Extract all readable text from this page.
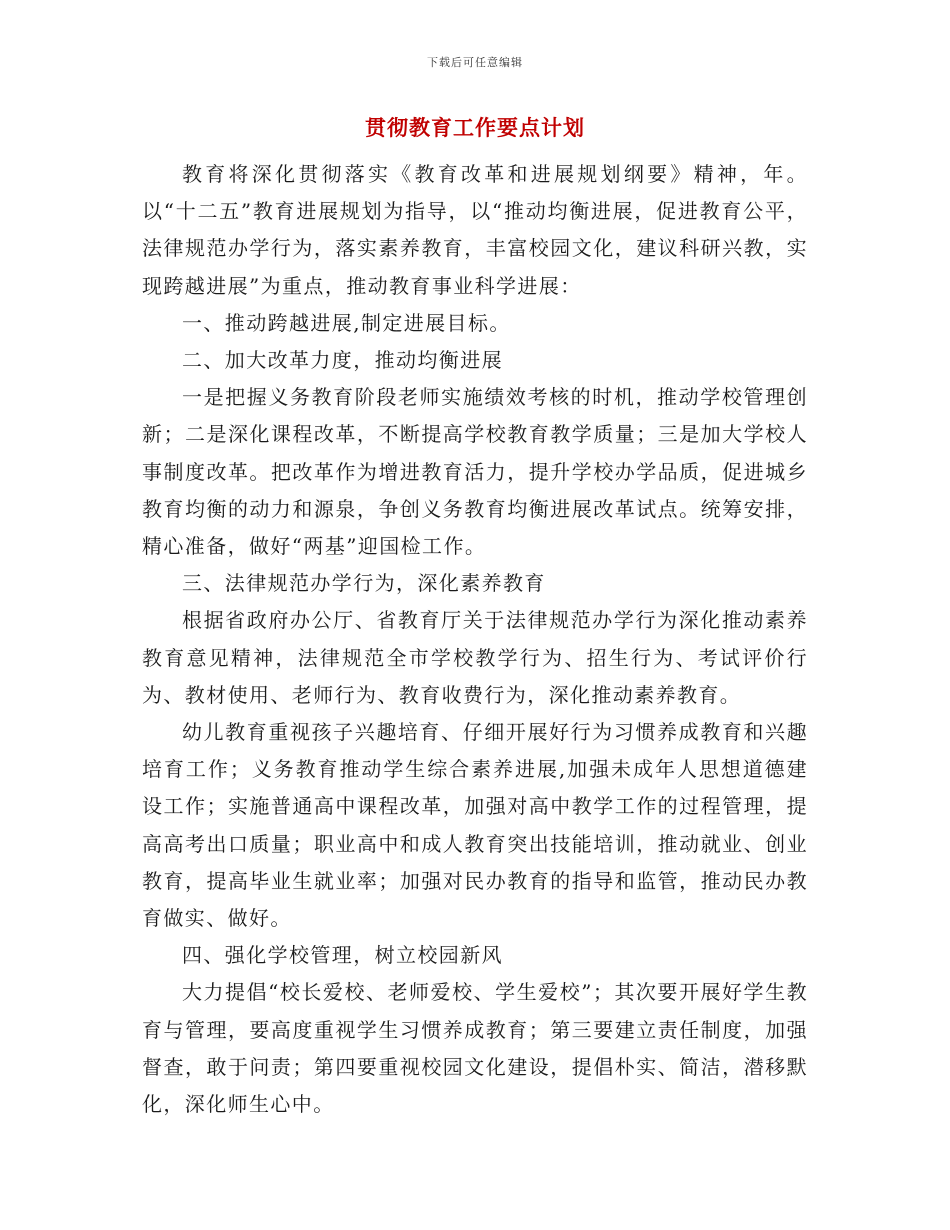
下载后可任意编辑
贯彻教育工作要点计划

教育将深化贯彻落实《教育改革和进展规划纲要》精神，年。以“十二五”教育进展规划为指导，以“推动均衡进展，促进教育公平，法律规范办学行为，落实素养教育，丰富校园文化，建议科研兴教，实现跨越进展”为重点，推动教育事业科学进展：

一、推动跨越进展,制定进展目标。

二、加大改革力度，推动均衡进展

一是把握义务教育阶段老师实施绩效考核的时机，推动学校管理创新；二是深化课程改革，不断提高学校教育教学质量；三是加大学校人事制度改革。把改革作为增进教育活力，提升学校办学品质，促进城乡教育均衡的动力和源泉，争创义务教育均衡进展改革试点。统筹安排，精心准备，做好“两基”迎国检工作。

三、法律规范办学行为，深化素养教育

根据省政府办公厅、省教育厅关于法律规范办学行为深化推动素养教育意见精神，法律规范全市学校教学行为、招生行为、考试评价行为、教材使用、老师行为、教育收费行为，深化推动素养教育。

幼儿教育重视孩子兴趣培育、仔细开展好行为习惯养成教育和兴趣培育工作；义务教育推动学生综合素养进展,加强未成年人思想道德建设工作；实施普通高中课程改革，加强对高中教学工作的过程管理，提高高考出口质量；职业高中和成人教育突出技能培训，推动就业、创业教育，提高毕业生就业率；加强对民办教育的指导和监管，推动民办教育做实、做好。

四、强化学校管理，树立校园新风

大力提倡“校长爱校、老师爱校、学生爱校”；其次要开展好学生教育与管理，要高度重视学生习惯养成教育；第三要建立责任制度，加强督查，敢于问责；第四要重视校园文化建设，提倡朴实、简洁，潜移默化，深化师生心中。
